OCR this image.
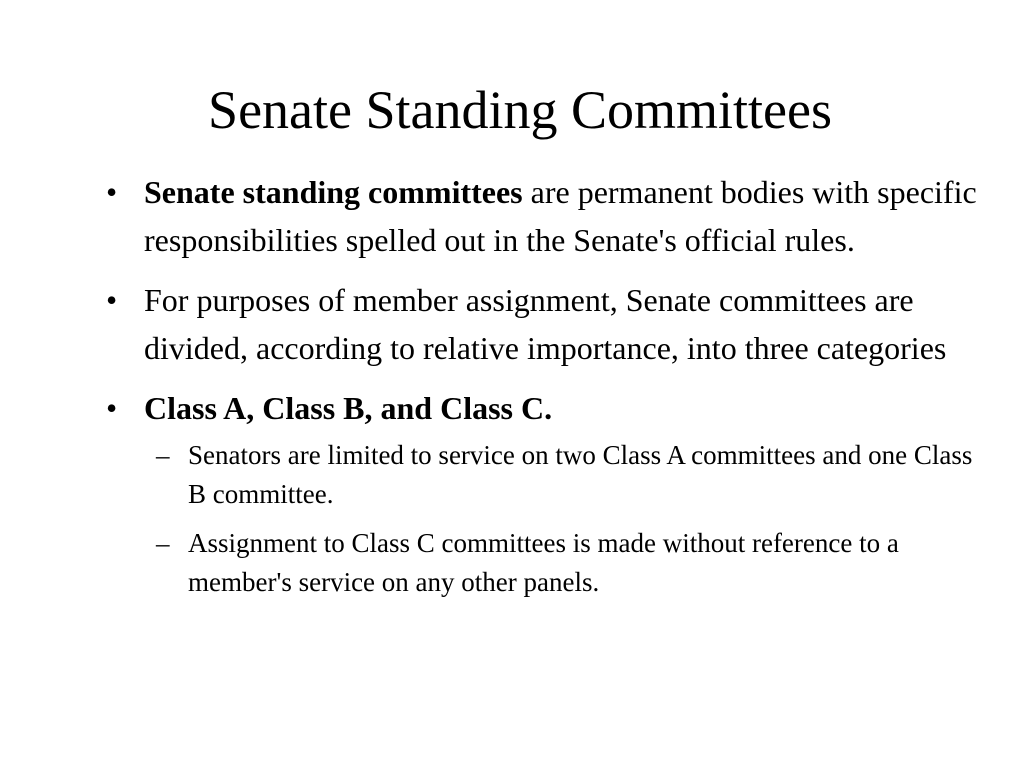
Senate Standing Committees
• Senate standing committees are permanent bodies with specific responsibilities spelled out in the Senate's official rules.
• For purposes of member assignment, Senate committees are divided, according to relative importance, into three categories
• Class A, Class B, and Class C.
– Senators are limited to service on two Class A committees and one Class B committee.
– Assignment to Class C committees is made without reference to a member's service on any other panels.
